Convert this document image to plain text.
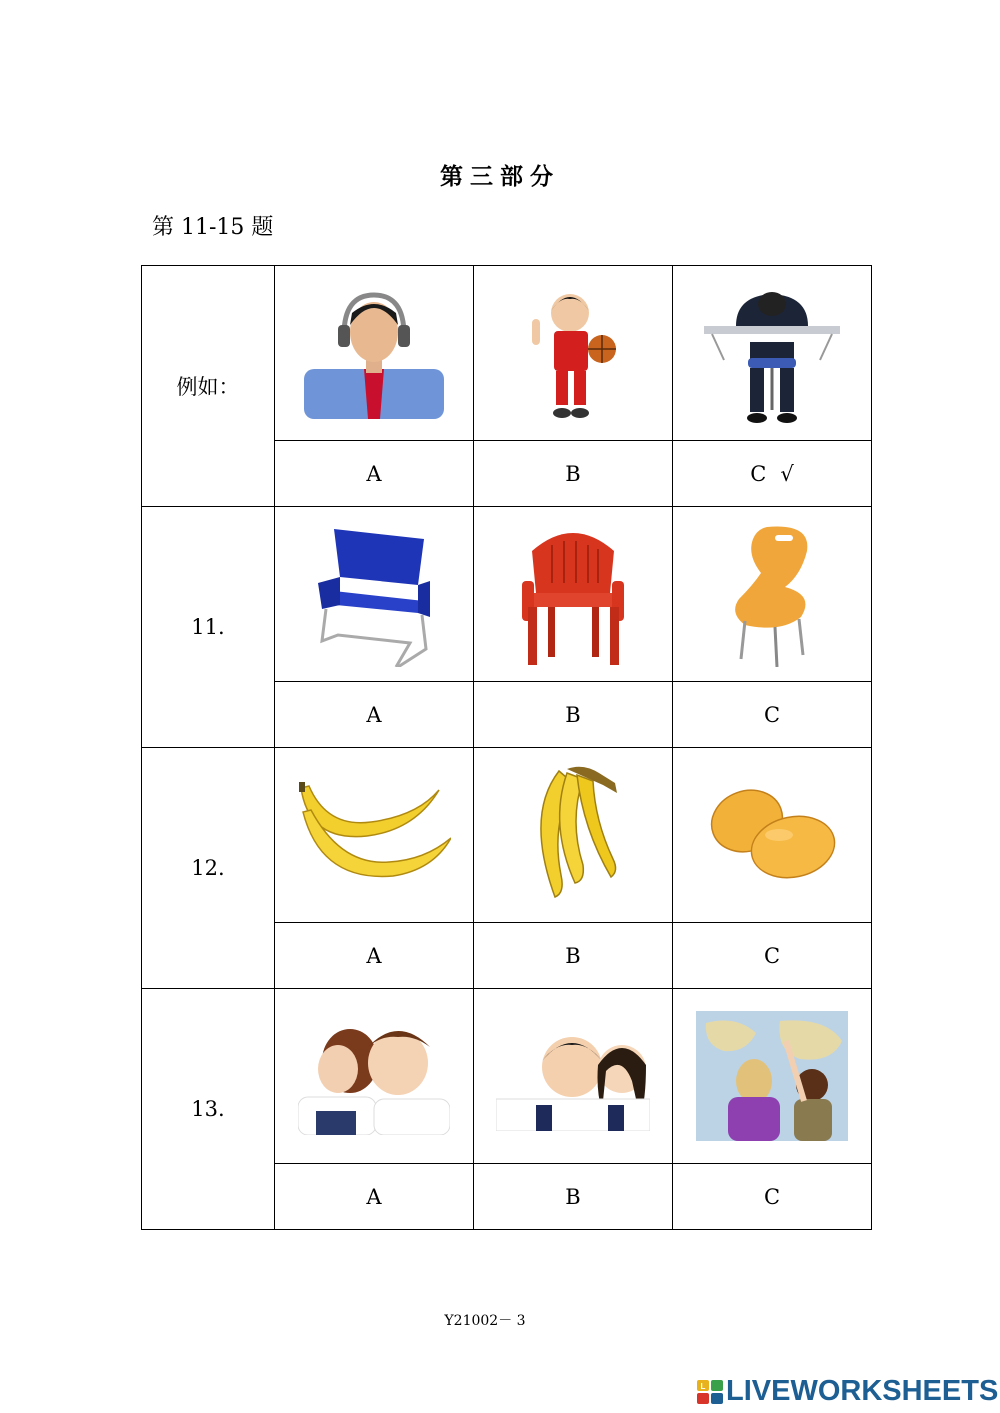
第三部分
第 11-15 题
例如：	

	A	B	C √
11.	

	A	B	C
12.	

	A	B	C
13.	

	A	B	C
Y21002－ 3
L LIVEWORKSHEETS
